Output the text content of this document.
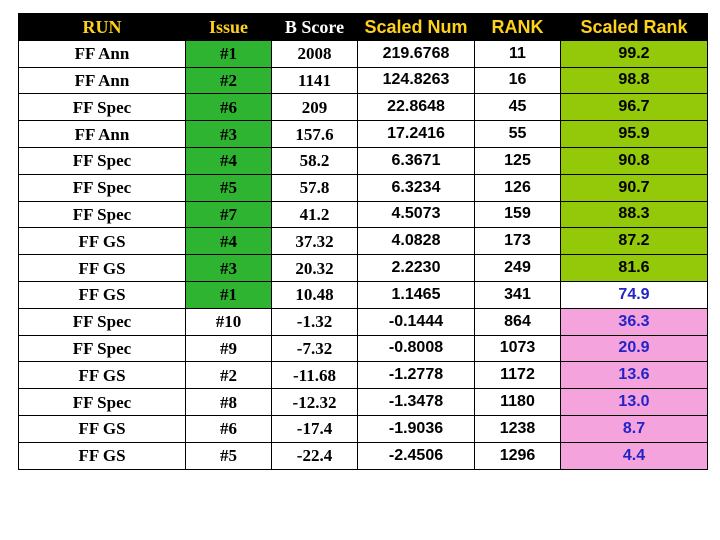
RUN	Issue	B Score	Scaled Num	RANK	Scaled Rank
FF Ann	#1	2008	219.6768	11	99.2
FF Ann	#2	1141	124.8263	16	98.8
FF Spec	#6	209	22.8648	45	96.7
FF Ann	#3	157.6	17.2416	55	95.9
FF Spec	#4	58.2	6.3671	125	90.8
FF Spec	#5	57.8	6.3234	126	90.7
FF Spec	#7	41.2	4.5073	159	88.3
FF GS	#4	37.32	4.0828	173	87.2
FF GS	#3	20.32	2.2230	249	81.6
FF GS	#1	10.48	1.1465	341	74.9
FF Spec	#10	-1.32	-0.1444	864	36.3
FF Spec	#9	-7.32	-0.8008	1073	20.9
FF GS	#2	-11.68	-1.2778	1172	13.6
FF Spec	#8	-12.32	-1.3478	1180	13.0
FF GS	#6	-17.4	-1.9036	1238	8.7
FF GS	#5	-22.4	-2.4506	1296	4.4
